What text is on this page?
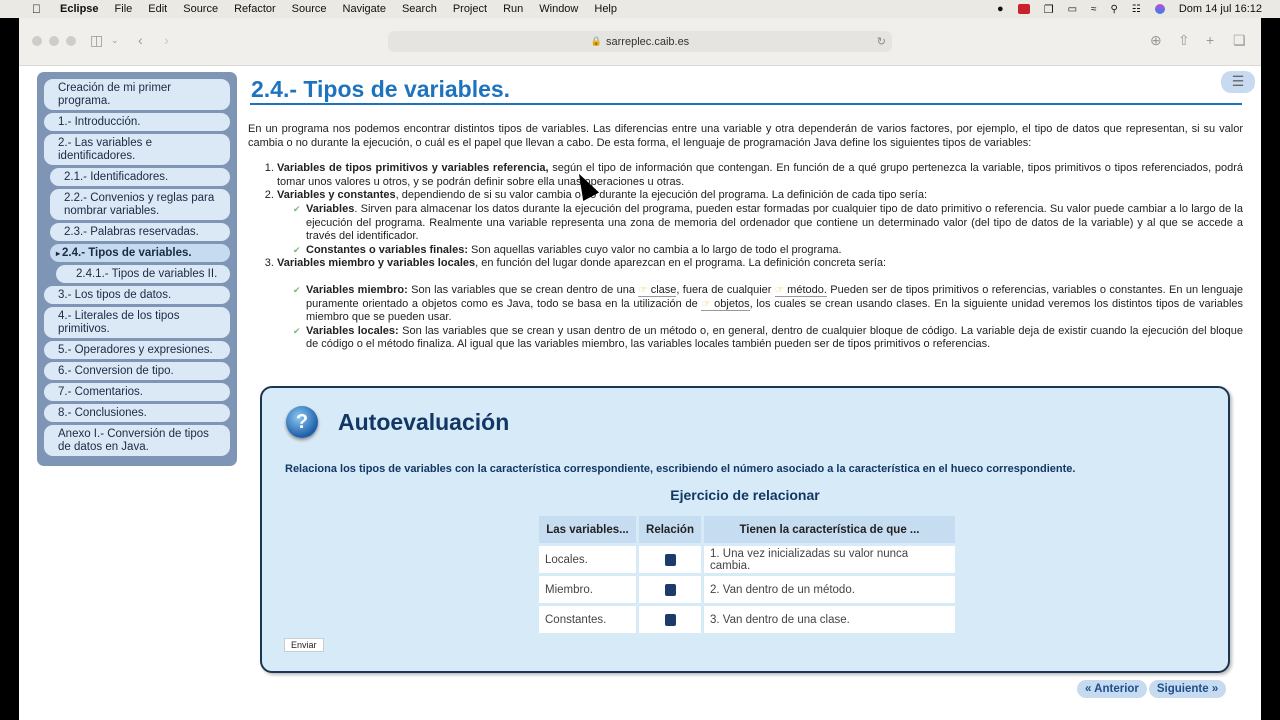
Eclipse File Edit Source Refactor Source Navigate Search Project Run Window Help	●	❐ ▭ ≈ ⚲ ☷	Dom 14 jul 16:12
◫ ⌄ ‹ ›	🔒 sarreplec.caib.es	↻	⊕ ⇧ + ❏
Creación de mi primer programa.
1.- Introducción.
2.- Las variables e identificadores.
2.1.- Identificadores.
2.2.- Convenios y reglas para nombrar variables.
2.3.- Palabras reservadas.
▸ 2.4.- Tipos de variables.
2.4.1.- Tipos de variables II.
3.- Los tipos de datos.
4.- Literales de los tipos primitivos.
5.- Operadores y expresiones.
6.- Conversion de tipo.
7.- Comentarios.
8.- Conclusiones.
Anexo I.- Conversión de tipos de datos en Java.
2.4.- Tipos de variables.	☰

En un programa nos podemos encontrar distintos tipos de variables. Las diferencias entre una variable y otra dependerán de varios factores, por ejemplo, el tipo de datos que representan, si su valor cambia o no durante la ejecución, o cuál es el papel que llevan a cabo. De esta forma, el lenguaje de programación Java define los siguientes tipos de variables:

1. Variables de tipos primitivos y variables referencia, según el tipo de información que contengan. En función de a qué grupo pertenezca la variable, tipos primitivos o tipos referenciados, podrá tomar unos valores u otros, y se podrán definir sobre ella unas operaciones u otras.
2. Variables y constantes, dependiendo de si su valor cambia o no durante la ejecución del programa. La definición de cada tipo sería:
✔ Variables. Sirven para almacenar los datos durante la ejecución del programa, pueden estar formadas por cualquier tipo de dato primitivo o referencia. Su valor puede cambiar a lo largo de la ejecución del programa. Realmente una variable representa una zona de memoria del ordenador que contiene un determinado valor (del tipo de datos de la variable) y al que se accede a través del identificador.
✔ Constantes o variables finales: Son aquellas variables cuyo valor no cambia a lo largo de todo el programa.
3. Variables miembro y variables locales, en función del lugar donde aparezcan en el programa. La definición concreta sería:
✔ Variables miembro: Son las variables que se crean dentro de una ☞ clase, fuera de cualquier ☞ método. Pueden ser de tipos primitivos o referencias, variables o constantes. En un lenguaje puramente orientado a objetos como es Java, todo se basa en la utilización de ☞ objetos, los cuales se crean usando clases. En la siguiente unidad veremos los distintos tipos de variables miembro que se pueden usar.
✔ Variables locales: Son las variables que se crean y usan dentro de un método o, en general, dentro de cualquier bloque de código. La variable deja de existir cuando la ejecución del bloque de código o el método finaliza. Al igual que las variables miembro, las variables locales también pueden ser de tipos primitivos o referencias.
?	Autoevaluación

Relaciona los tipos de variables con la característica correspondiente, escribiendo el número asociado a la característica en el hueco correspondiente.

Ejercicio de relacionar
Las variables...	Relación	Tienen la característica de que ...
Locales.		1. Una vez inicializadas su valor nunca cambia.
Miembro.		2. Van dentro de un método.
Constantes.		3. Van dentro de una clase.
Enviar
« Anterior	Siguiente »
